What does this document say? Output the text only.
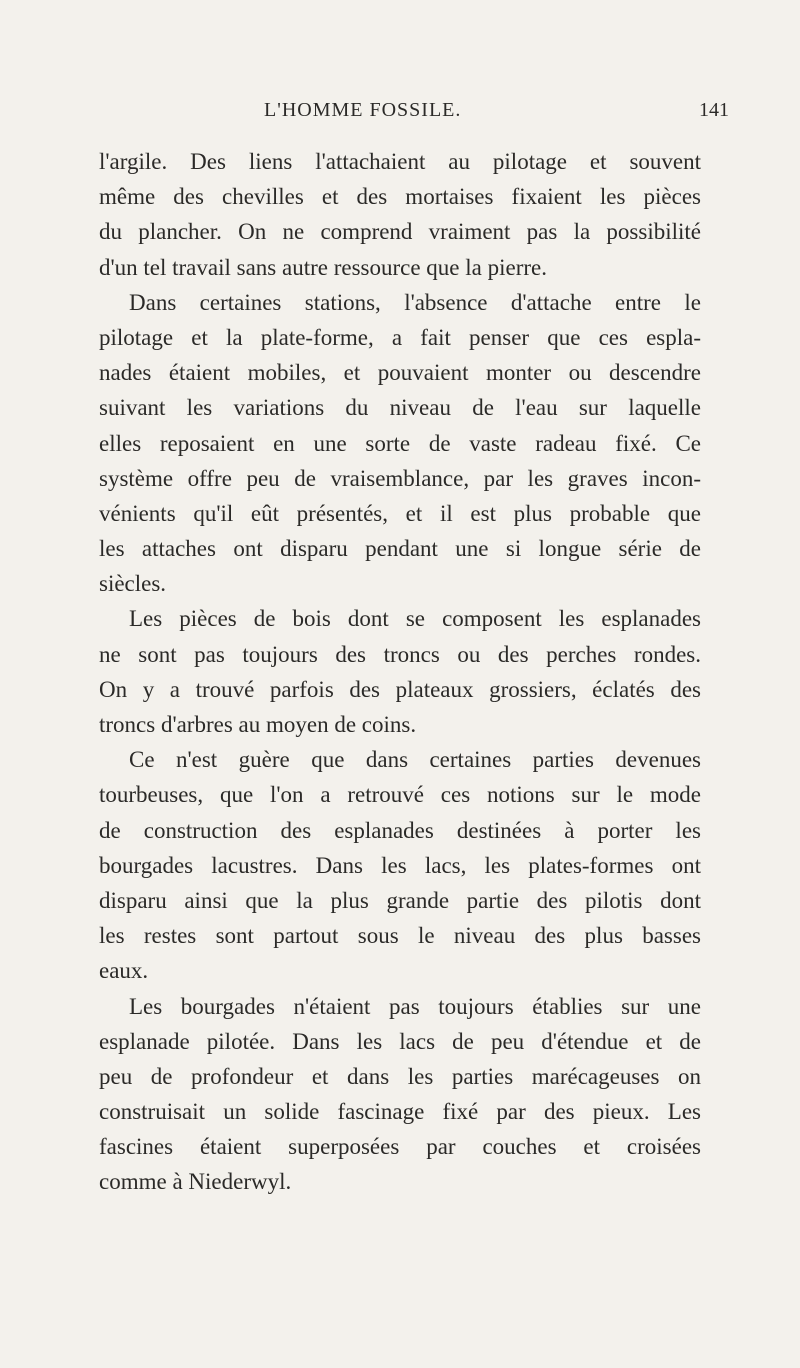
L'HOMME FOSSILE.	141
l'argile. Des liens l'attachaient au pilotage et souvent
même des chevilles et des mortaises fixaient les pièces
du plancher. On ne comprend vraiment pas la possibilité
d'un tel travail sans autre ressource que la pierre.
Dans certaines stations, l'absence d'attache entre le
pilotage et la plate-forme, a fait penser que ces espla-
nades étaient mobiles, et pouvaient monter ou descendre
suivant les variations du niveau de l'eau sur laquelle
elles reposaient en une sorte de vaste radeau fixé. Ce
système offre peu de vraisemblance, par les graves incon-
vénients qu'il eût présentés, et il est plus probable que
les attaches ont disparu pendant une si longue série de
siècles.
Les pièces de bois dont se composent les esplanades
ne sont pas toujours des troncs ou des perches rondes.
On y a trouvé parfois des plateaux grossiers, éclatés des
troncs d'arbres au moyen de coins.
Ce n'est guère que dans certaines parties devenues
tourbeuses, que l'on a retrouvé ces notions sur le mode
de construction des esplanades destinées à porter les
bourgades lacustres. Dans les lacs, les plates-formes ont
disparu ainsi que la plus grande partie des pilotis dont
les restes sont partout sous le niveau des plus basses
eaux.
Les bourgades n'étaient pas toujours établies sur une
esplanade pilotée. Dans les lacs de peu d'étendue et de
peu de profondeur et dans les parties marécageuses on
construisait un solide fascinage fixé par des pieux. Les
fascines étaient superposées par couches et croisées
comme à Niederwyl.
